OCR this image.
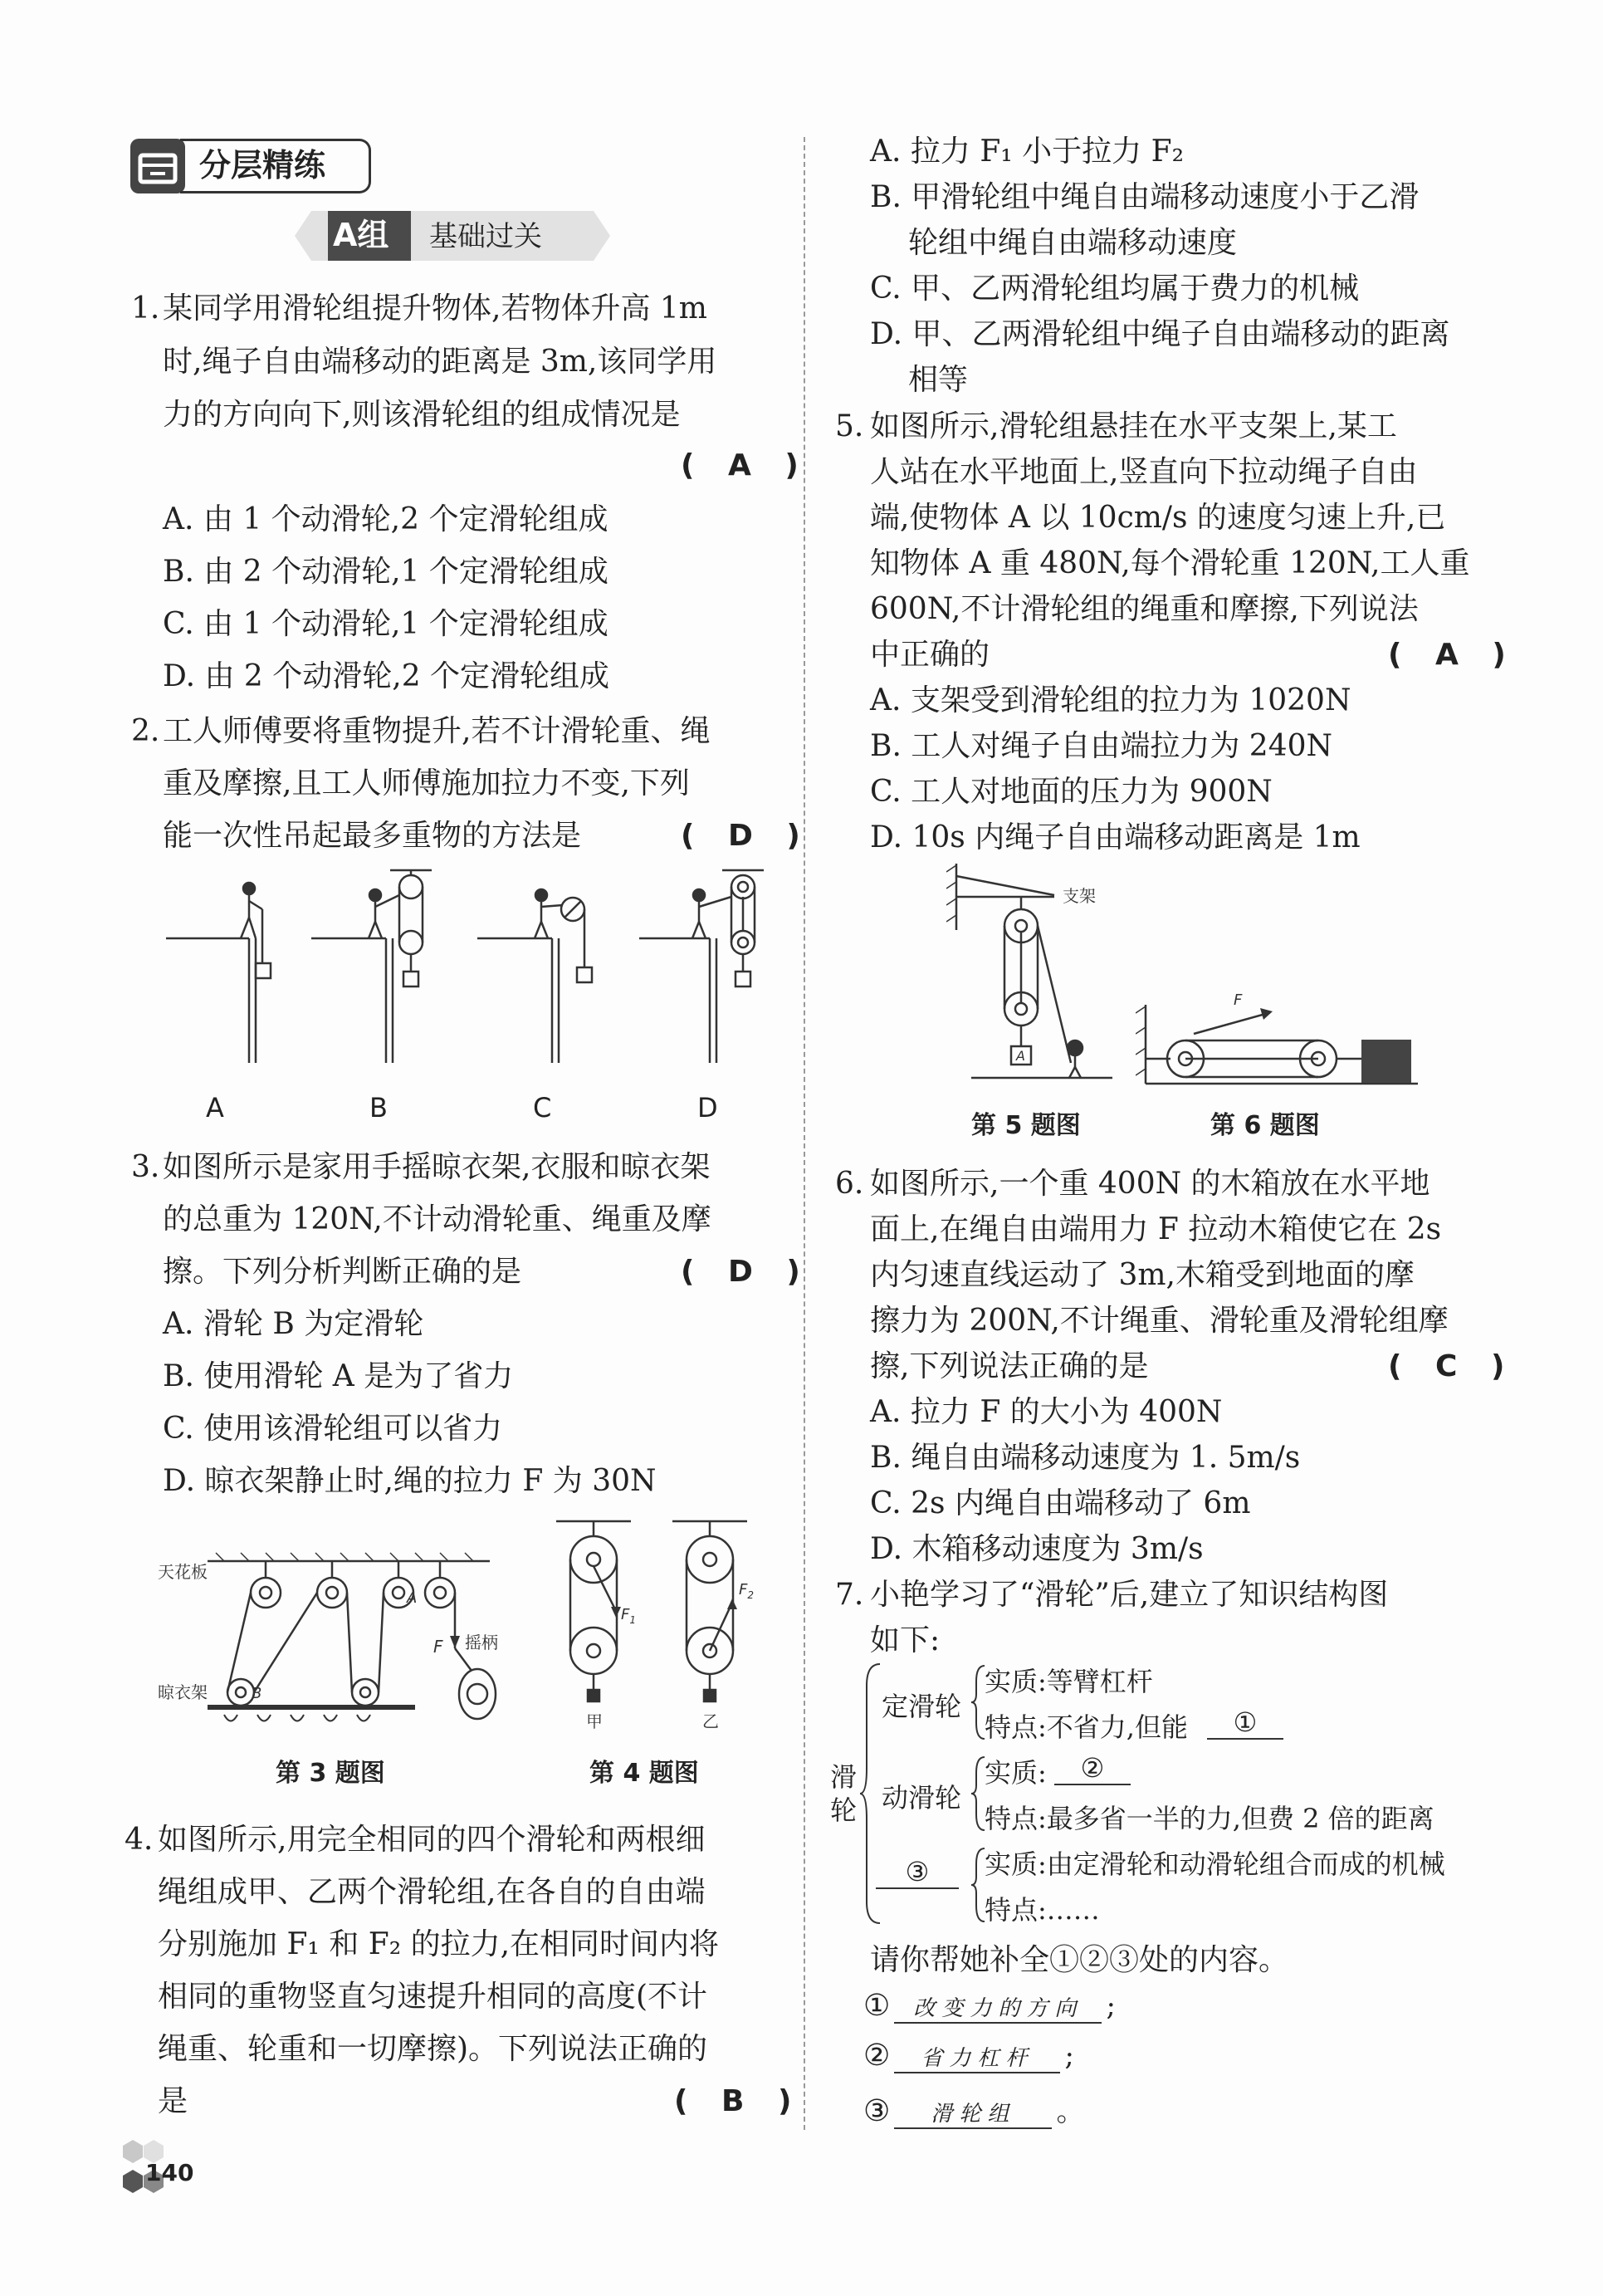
分层精练
A组 基础过关
1. 某同学用滑轮组提升物体,若物体升高 1m
时,绳子自由端移动的距离是 3m,该同学用
力的方向向下,则该滑轮组的组成情况是
( A )
A. 由 1 个动滑轮,2 个定滑轮组成
B. 由 2 个动滑轮,1 个定滑轮组成
C. 由 1 个动滑轮,1 个定滑轮组成
D. 由 2 个动滑轮,2 个定滑轮组成
2. 工人师傅要将重物提升,若不计滑轮重、绳
重及摩擦,且工人师傅施加拉力不变,下列
能一次性吊起最多重物的方法是	( D )
A	B	C	D
3. 如图所示是家用手摇晾衣架,衣服和晾衣架
的总重为 120N,不计动滑轮重、绳重及摩
擦。下列分析判断正确的是	( D )
A. 滑轮 B 为定滑轮
B. 使用滑轮 A 是为了省力
C. 使用该滑轮组可以省力
D. 晾衣架静止时,绳的拉力 F 为 30N
天花板
晾衣架	B
A
F 摇柄
第 3 题图
$F_1$
$F_2$
甲	乙
第 4 题图
4. 如图所示,用完全相同的四个滑轮和两根细
绳组成甲、乙两个滑轮组,在各自的自由端
分别施加 F₁ 和 F₂ 的拉力,在相同时间内将
相同的重物竖直匀速提升相同的高度(不计
绳重、轮重和一切摩擦)。下列说法正确的
是	( B )
140
A. 拉力 F₁ 小于拉力 F₂
B. 甲滑轮组中绳自由端移动速度小于乙滑
轮组中绳自由端移动速度
C. 甲、乙两滑轮组均属于费力的机械
D. 甲、乙两滑轮组中绳子自由端移动的距离
相等
5. 如图所示,滑轮组悬挂在水平支架上,某工
人站在水平地面上,竖直向下拉动绳子自由
端,使物体 A 以 10cm/s 的速度匀速上升,已
知物体 A 重 480N,每个滑轮重 120N,工人重
600N,不计滑轮组的绳重和摩擦,下列说法
中正确的	( A )
A. 支架受到滑轮组的拉力为 1020N
B. 工人对绳子自由端拉力为 240N
C. 工人对地面的压力为 900N
D. 10s 内绳子自由端移动距离是 1m
支架
A
第 5 题图
F
第 6 题图
6. 如图所示,一个重 400N 的木箱放在水平地
面上,在绳自由端用力 F 拉动木箱使它在 2s
内匀速直线运动了 3m,木箱受到地面的摩
擦力为 200N,不计绳重、滑轮重及滑轮组摩
擦,下列说法正确的是	( C )
A. 拉力 F 的大小为 400N
B. 绳自由端移动速度为 1. 5m/s
C. 2s 内绳自由端移动了 6m
D. 木箱移动速度为 3m/s
7. 小艳学习了“滑轮”后,建立了知识结构图
如下:
滑
轮
定滑轮
实质:等臂杠杆
特点:不省力,但能	①
动滑轮
实质:	②
特点:最多省一半的力,但费 2 倍的距离
③	实质:由定滑轮和动滑轮组合而成的机械
特点:……
请你帮她补全①②③处的内容。
① 改变力的方向 ;
② 省力杠杆 ;
③ 滑轮组 。
